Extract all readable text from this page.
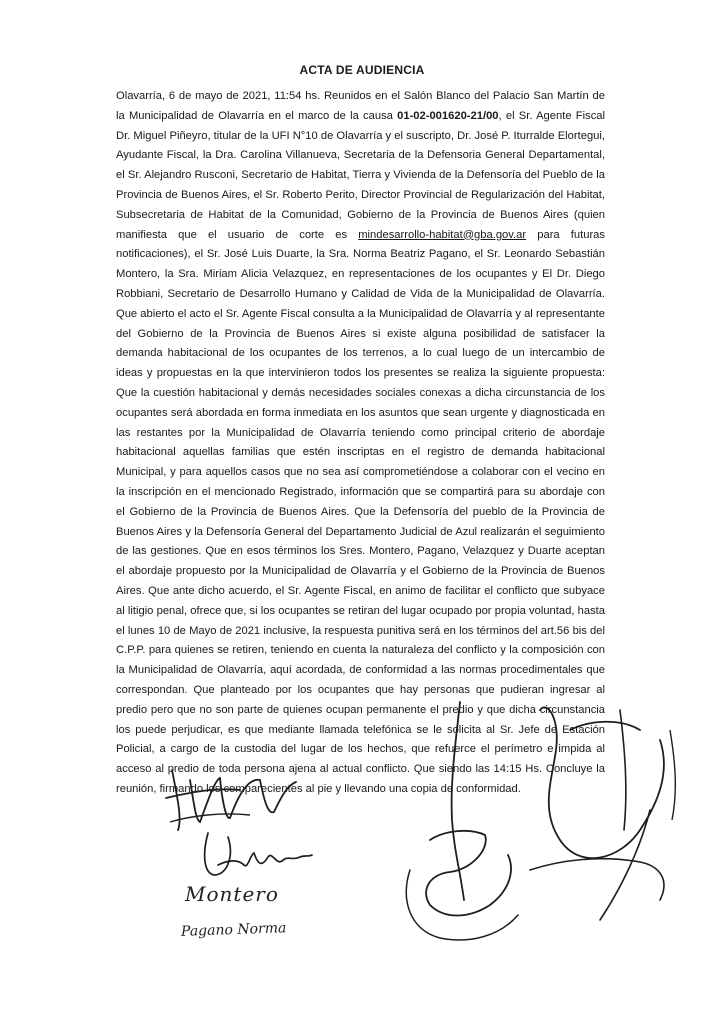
ACTA DE AUDIENCIA
Olavarría, 6 de mayo de 2021, 11:54 hs. Reunidos en el Salón Blanco del Palacio San Martín de la Municipalidad de Olavarría en el marco de la causa 01-02-001620-21/00, el Sr. Agente Fiscal Dr. Miguel Piñeyro, titular de la UFI N°10 de Olavarría y el suscripto, Dr. José P. Iturralde Elortegui, Ayudante Fiscal, la Dra. Carolina Villanueva, Secretaria de la Defensoria General Departamental, el Sr. Alejandro Rusconi, Secretario de Habitat, Tierra y Vivienda de la Defensoría del Pueblo de la Provincia de Buenos Aires, el Sr. Roberto Perito, Director Provincial de Regularización del Habitat, Subsecretaria de Habitat de la Comunidad, Gobierno de la Provincia de Buenos Aires (quien manifiesta que el usuario de corte es mindesarrollo-habitat@gba.gov.ar para futuras notificaciones), el Sr. José Luis Duarte, la Sra. Norma Beatriz Pagano, el Sr. Leonardo Sebastián Montero, la Sra. Miriam Alicia Velazquez, en representaciones de los ocupantes y El Dr. Diego Robbiani, Secretario de Desarrollo Humano y Calidad de Vida de la Municipalidad de Olavarría. Que abierto el acto el Sr. Agente Fiscal consulta a la Municipalidad de Olavarría y al representante del Gobierno de la Provincia de Buenos Aires si existe alguna posibilidad de satisfacer la demanda habitacional de los ocupantes de los terrenos, a lo cual luego de un intercambio de ideas y propuestas en la que intervinieron todos los presentes se realiza la siguiente propuesta: Que la cuestión habitacional y demás necesidades sociales conexas a dicha circunstancia de los ocupantes será abordada en forma inmediata en los asuntos que sean urgente y diagnosticada en las restantes por la Municipalidad de Olavarría teniendo como principal criterio de abordaje habitacional aquellas familias que estén inscriptas en el registro de demanda habitacional Municipal, y para aquellos casos que no sea así comprometiéndose a colaborar con el vecino en la inscripción en el mencionado Registrado, información que se compartirá para su abordaje con el Gobierno de la Provincia de Buenos Aires. Que la Defensoría del pueblo de la Provincia de Buenos Aires y la Defensoría General del Departamento Judicial de Azul realizarán el seguimiento de las gestiones. Que en esos términos los Sres. Montero, Pagano, Velazquez y Duarte aceptan el abordaje propuesto por la Municipalidad de Olavarría y el Gobierno de la Provincia de Buenos Aires. Que ante dicho acuerdo, el Sr. Agente Fiscal, en animo de facilitar el conflicto que subyace al litigio penal, ofrece que, si los ocupantes se retiran del lugar ocupado por propia voluntad, hasta el lunes 10 de Mayo de 2021 inclusive, la respuesta punitiva será en los términos del art.56 bis del C.P.P. para quienes se retiren, teniendo en cuenta la naturaleza del conflicto y la composición con la Municipalidad de Olavarría, aquí acordada, de conformidad a las normas procedimentales que correspondan. Que planteado por los ocupantes que hay personas que pudieran ingresar al predio pero que no son parte de quienes ocupan permanente el predio y que dicha circunstancia los puede perjudicar, es que mediante llamada telefónica se le solicita al Sr. Jefe de Estación Policial, a cargo de la custodia del lugar de los hechos, que refuerce el perímetro e impida al acceso al predio de toda persona ajena al actual conflicto. Que siendo las 14:15 Hs. Concluye la reunión, firmando los comparecientes al pie y llevando una copia de conformidad.
Montero
Pagano Norma
